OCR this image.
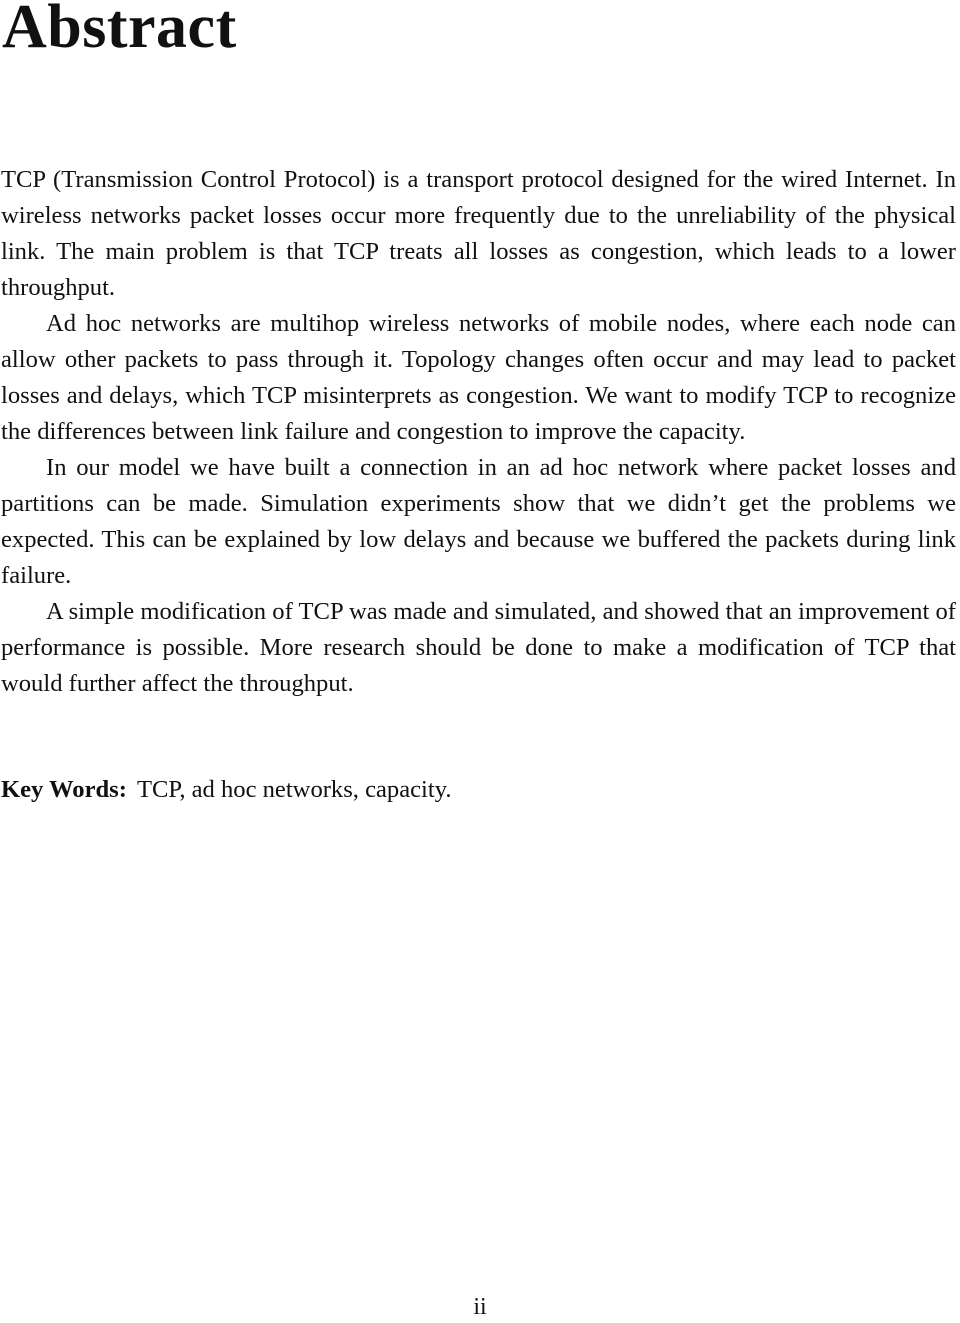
Abstract

TCP (Transmission Control Protocol) is a transport protocol designed for the wired Internet. In wireless networks packet losses occur more frequently due to the unreliability of the physical link. The main problem is that TCP treats all losses as congestion, which leads to a lower throughput.

Ad hoc networks are multihop wireless networks of mobile nodes, where each node can allow other packets to pass through it. Topology changes often occur and may lead to packet losses and delays, which TCP misinterprets as congestion. We want to modify TCP to recognize the differences between link failure and congestion to improve the capacity.

In our model we have built a connection in an ad hoc network where packet losses and partitions can be made. Simulation experiments show that we didn’t get the problems we expected. This can be explained by low delays and because we buffered the packets during link failure.

A simple modification of TCP was made and simulated, and showed that an improvement of performance is possible. More research should be done to make a modification of TCP that would further affect the throughput.

Key Words: TCP, ad hoc networks, capacity.

ii
